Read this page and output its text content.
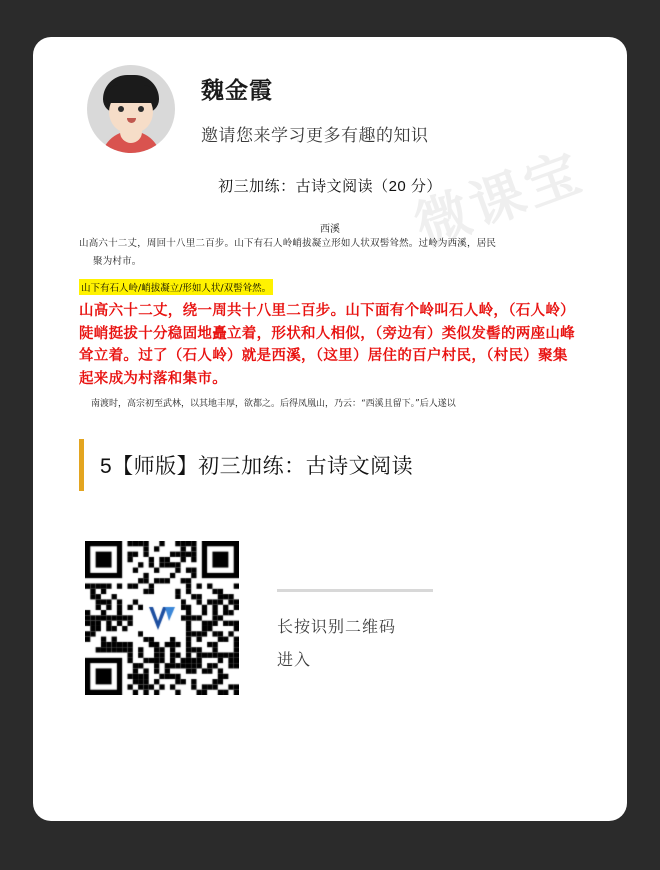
魏金霞
邀请您来学习更多有趣的知识
微课宝
初三加练：古诗文阅读（20 分）
西溪
山高六十二丈，周回十八里二百步。山下有石人岭峭拔凝立形如人状双髻耸然。过岭为西溪，居民
聚为村市。
山下有石人岭/峭拔凝立/形如人状/双髻耸然。
山高六十二丈，绕一周共十八里二百步。山下面有个岭叫石人岭，（石人岭）陡峭挺拔十分稳固地矗立着，形状和人相似，（旁边有）类似发髻的两座山峰耸立着。过了（石人岭）就是西溪，（这里）居住的百户村民，（村民）聚集起来成为村落和集市。
南渡时，高宗初至武林，以其地丰厚，欲都之。后得凤凰山，乃云：“西溪且留下。”后人遂以
5【师版】初三加练：古诗文阅读
长按识别二维码
进入
